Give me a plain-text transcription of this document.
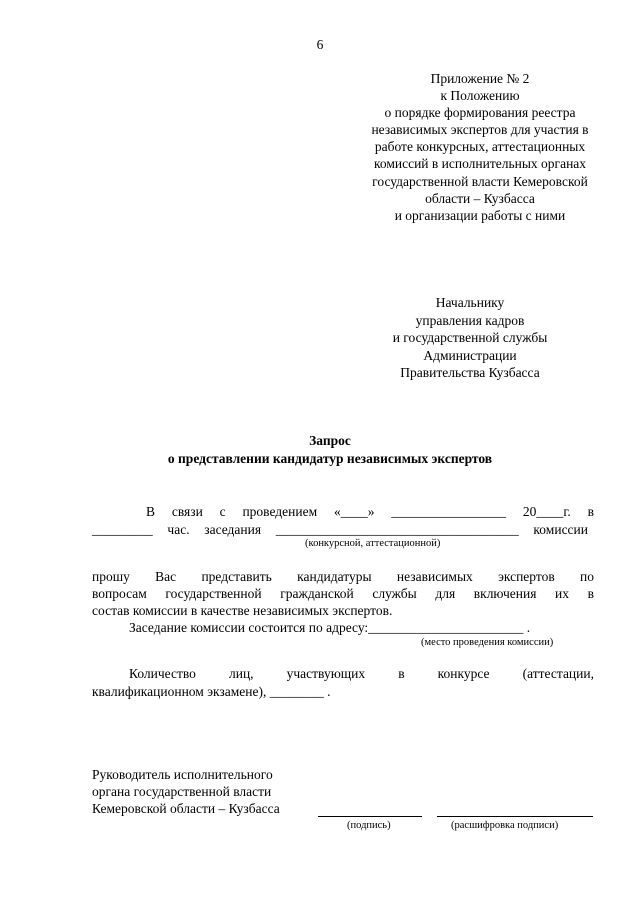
6
Приложение № 2
к Положению
о порядке формирования реестра
независимых экспертов для участия в
работе конкурсных, аттестационных
комиссий в исполнительных органах
государственной власти Кемеровской
области – Кузбасса
и организации работы с ними
Начальнику
управления кадров
и государственной службы
Администрации
Правительства Кузбасса
Запрос
о представлении кандидатур независимых экспертов
В связи с проведением «____» _________________ 20____г. в
_________ час. заседания ____________________________________ комиссии
(конкурсной, аттестационной)
прошу Вас представить кандидатуры независимых экспертов по
вопросам государственной гражданской службы для включения их в
состав комиссии в качестве независимых экспертов.
Заседание комиссии состоится по адресу:_______________________ .
(место проведения комиссии)
Количество лиц, участвующих в конкурсе (аттестации,
квалификационном экзамене), ________ .
Руководитель исполнительного
органа государственной власти
Кемеровской области – Кузбасса
(подпись)	(расшифровка подписи)
